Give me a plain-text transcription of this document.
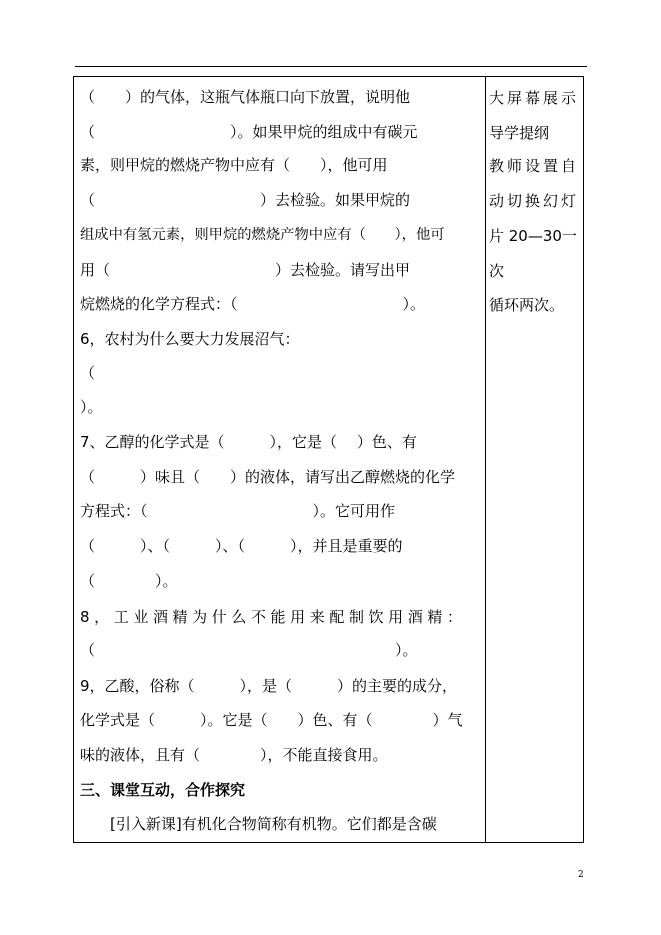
（　　）的气体，这瓶气体瓶口向下放置，说明他
（　　　　　　　　　）。如果甲烷的组成中有碳元
素，则甲烷的燃烧产物中应有（　　），他可用
（　　　　　　　　　　　）去检验。如果甲烷的
组成中有氢元素，则甲烷的燃烧产物中应有（　　），他可
用（　　　　　　　　　　　）去检验。请写出甲
烷燃烧的化学方程式：（　　　　　　　　　　　）。
6，农村为什么要大力发展沼气：
（
）。
7、乙醇的化学式是（　　　），它是（　 ）色、有
（　　　）味且（　　）的液体，请写出乙醇燃烧的化学
方程式：（　　　　　　　　　　　）。它可用作
（　　　）、（　　　）、（　　　），并且是重要的
（　　　　）。
8，工业酒精为什么不能用来配制饮用酒精：
（　　　　　　　　　　　　　　　　　　　　）。
9，乙酸，俗称（　　　），是（　　　）的主要的成分，
化学式是（　　　）。它是（　　）色、有（　　　　）气
味的液体，且有（　　　　），不能直接食用。
三、课堂互动，合作探究
　　[引入新课]有机化合物简称有机物。它们都是含碳
大屏幕展示
导学提纲
教师设置自
动切换幻灯
片 20—30一
次
循环两次。
2
